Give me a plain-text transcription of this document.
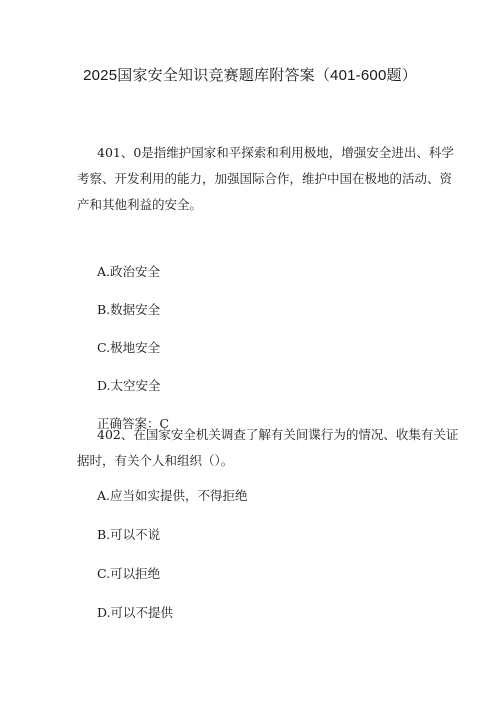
2025国家安全知识竞赛题库附答案（401-600题）

401、0是指维护国家和平探索和利用极地，增强安全进出、科学
考察、开发利用的能力，加强国际合作，维护中国在极地的活动、资
产和其他利益的安全。

A.政治安全

B.数据安全

C.极地安全

D.太空安全

正确答案：C

402、在国家安全机关调查了解有关间谍行为的情况、收集有关证
据时，有关个人和组织（）。

A.应当如实提供，不得拒绝

B.可以不说

C.可以拒绝

D.可以不提供
